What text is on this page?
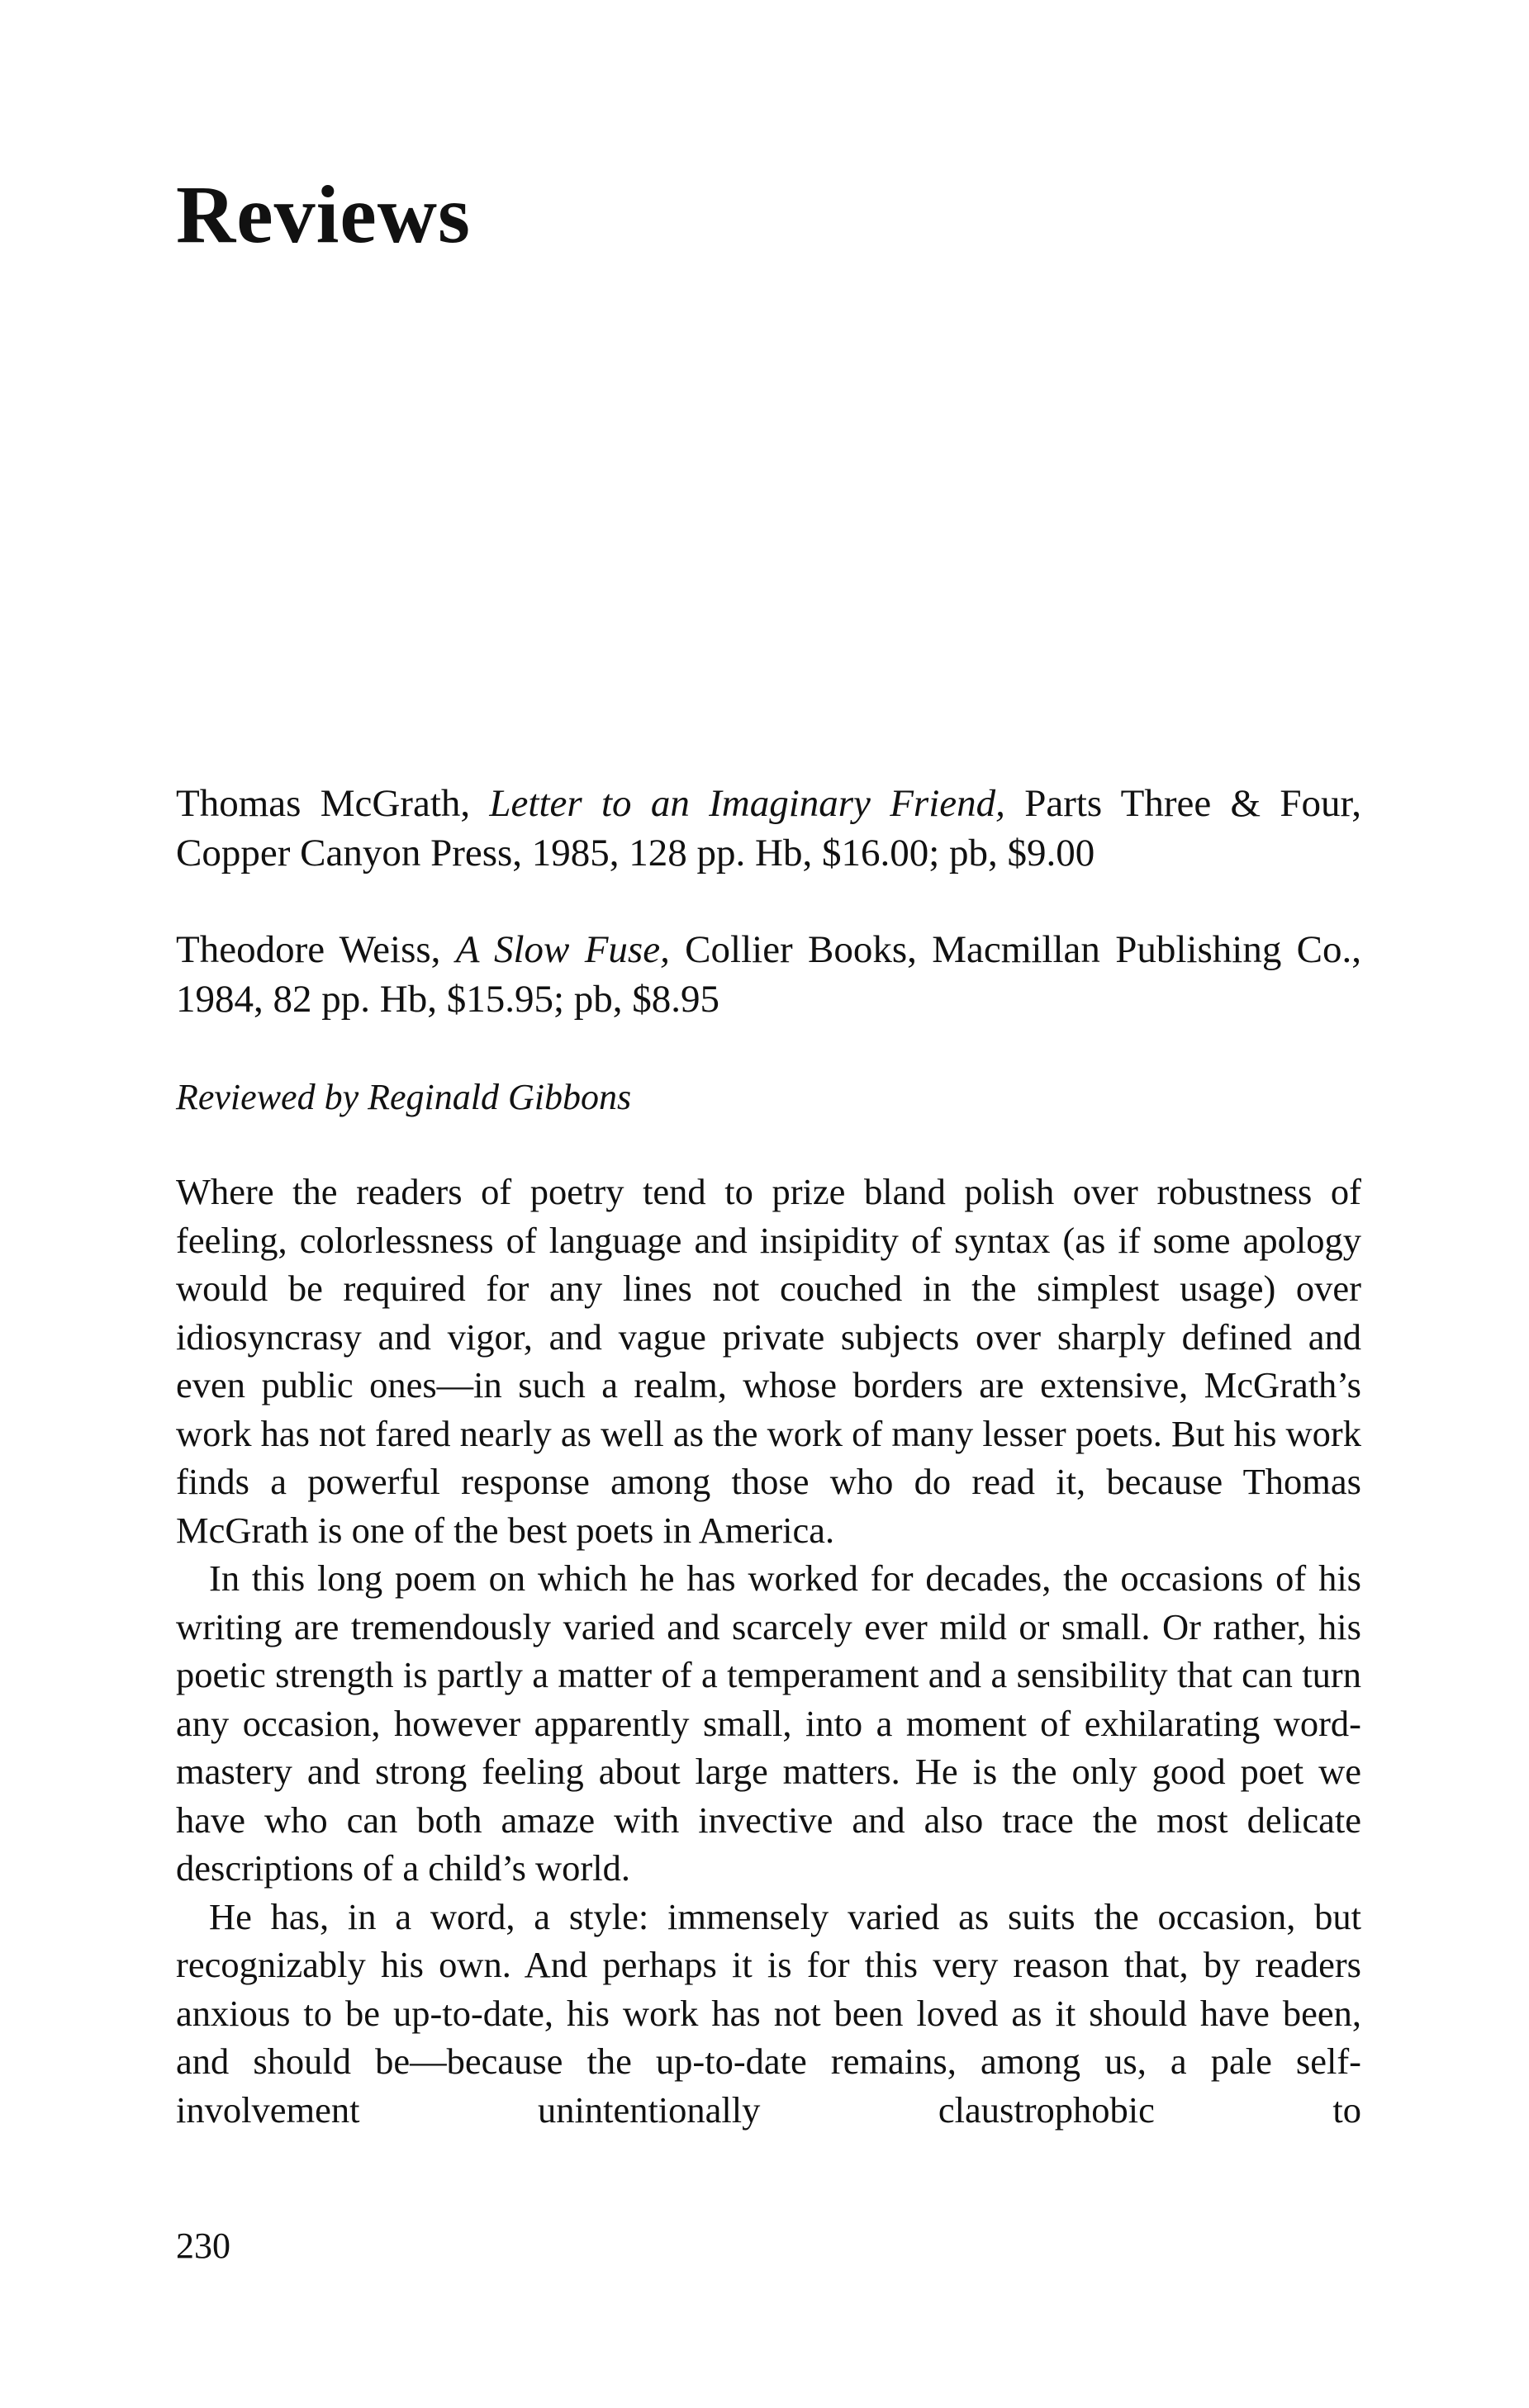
Reviews

Thomas McGrath, Letter to an Imaginary Friend, Parts Three & Four, Copper Canyon Press, 1985, 128 pp. Hb, $16.00; pb, $9.00

Theodore Weiss, A Slow Fuse, Collier Books, Macmillan Publishing Co., 1984, 82 pp. Hb, $15.95; pb, $8.95

Reviewed by Reginald Gibbons

Where the readers of poetry tend to prize bland polish over robustness of feeling, colorlessness of language and insipidity of syntax (as if some apology would be required for any lines not couched in the simplest usage) over idiosyncrasy and vigor, and vague private subjects over sharply defined and even public ones—in such a realm, whose borders are extensive, McGrath’s work has not fared nearly as well as the work of many lesser poets. But his work finds a powerful response among those who do read it, because Thomas McGrath is one of the best poets in America.

In this long poem on which he has worked for decades, the occasions of his writing are tremendously varied and scarcely ever mild or small. Or rather, his poetic strength is partly a matter of a temperament and a sensibility that can turn any occasion, however apparently small, into a moment of exhilarating word-mastery and strong feeling about large matters. He is the only good poet we have who can both amaze with invective and also trace the most delicate descriptions of a child’s world.

He has, in a word, a style: immensely varied as suits the occasion, but recognizably his own. And perhaps it is for this very reason that, by readers anxious to be up-to-date, his work has not been loved as it should have been, and should be—because the up-to-date remains, among us, a pale self-involvement unintentionally claustrophobic to

230
